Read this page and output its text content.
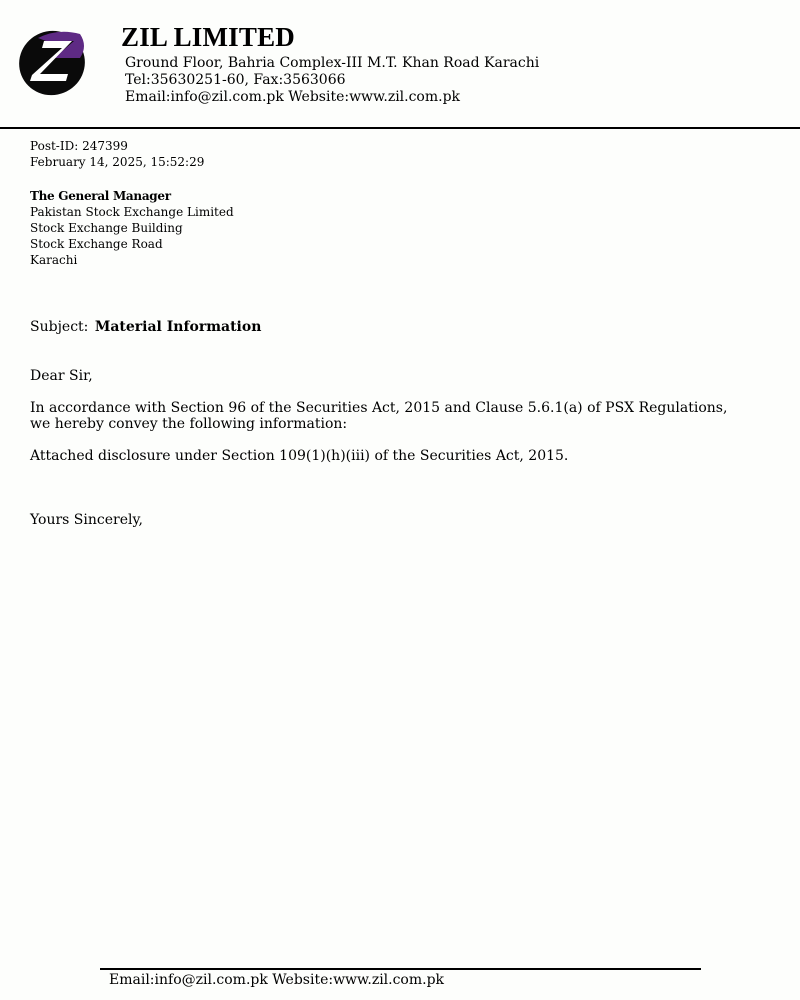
ZIL LIMITED
Ground Floor, Bahria Complex-III M.T. Khan Road Karachi
Tel:35630251-60, Fax:3563066
Email:info@zil.com.pk Website:www.zil.com.pk
Post-ID: 247399
February 14, 2025, 15:52:29
The General Manager
Pakistan Stock Exchange Limited
Stock Exchange Building
Stock Exchange Road
Karachi
Subject: Material Information
Dear Sir,
In accordance with Section 96 of the Securities Act, 2015 and Clause 5.6.1(a) of PSX Regulations,
we hereby convey the following information:
Attached disclosure under Section 109(1)(h)(iii) of the Securities Act, 2015.
Yours Sincerely,
Email:info@zil.com.pk Website:www.zil.com.pk
